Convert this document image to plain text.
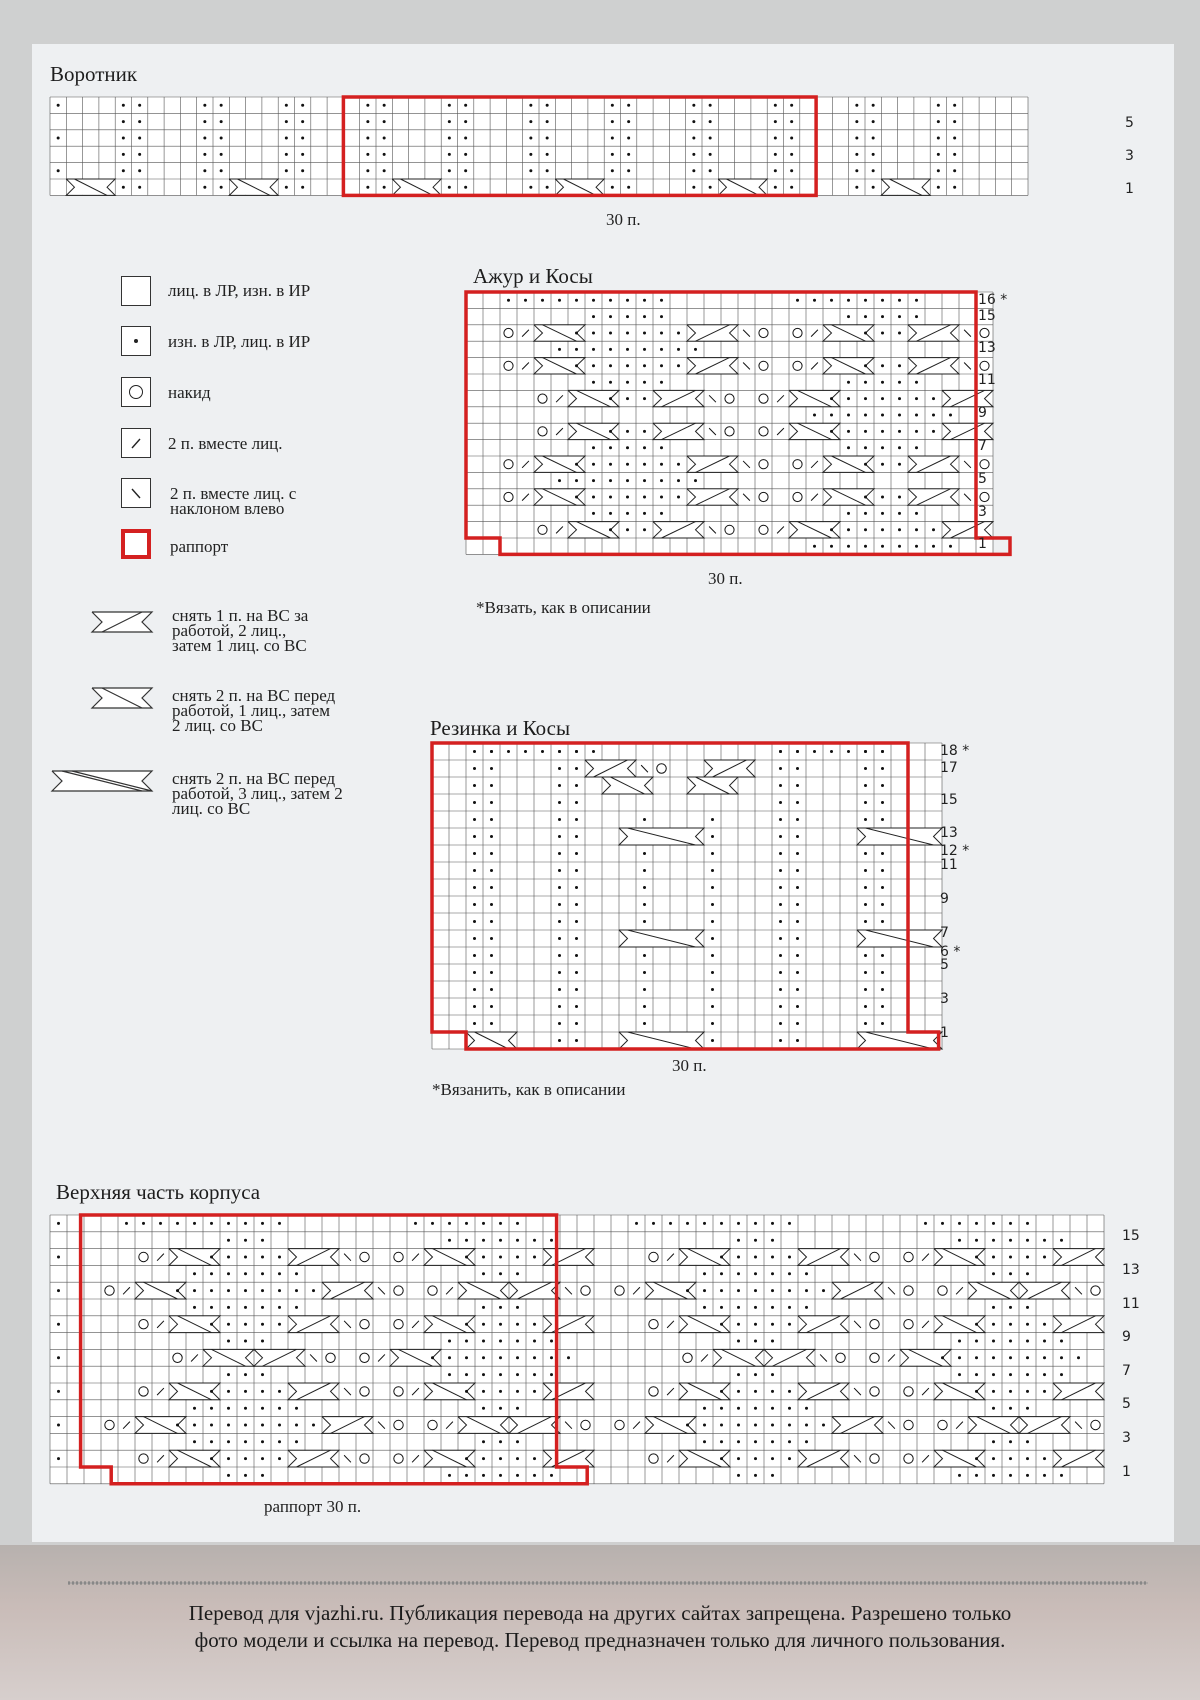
Воротник
5
3
1
30 п.
лиц. в ЛР, изн. в ИР
изн. в ЛР, лиц. в ИР
накид
2 п. вместе лиц.
2 п. вместе лиц. с
наклоном влево
раппорт
снять 1 п. на ВС за
работой, 2 лиц.,
затем 1 лиц. со ВС
снять 2 п. на ВС перед
работой, 1 лиц., затем
2 лиц. со ВС
снять 2 п. на ВС перед
работой, 3 лиц., затем 2
лиц. со ВС
Ажур и Косы
16 *
15
13
11
9
7
5
3
1
30 п.
*Вязать, как в описании
Резинка и Косы
18 *
17
15
13
12 *
11
9
7
6 *
5
3
1
30 п.
*Вязанить, как в описании
Верхняя часть корпуса
15
13
11
9
7
5
3
1
раппорт 30 п.
Перевод для vjazhi.ru. Публикация перевода на других сайтах запрещена. Разрешено только
фото модели и ссылка на перевод. Перевод предназначен только для личного пользования.
